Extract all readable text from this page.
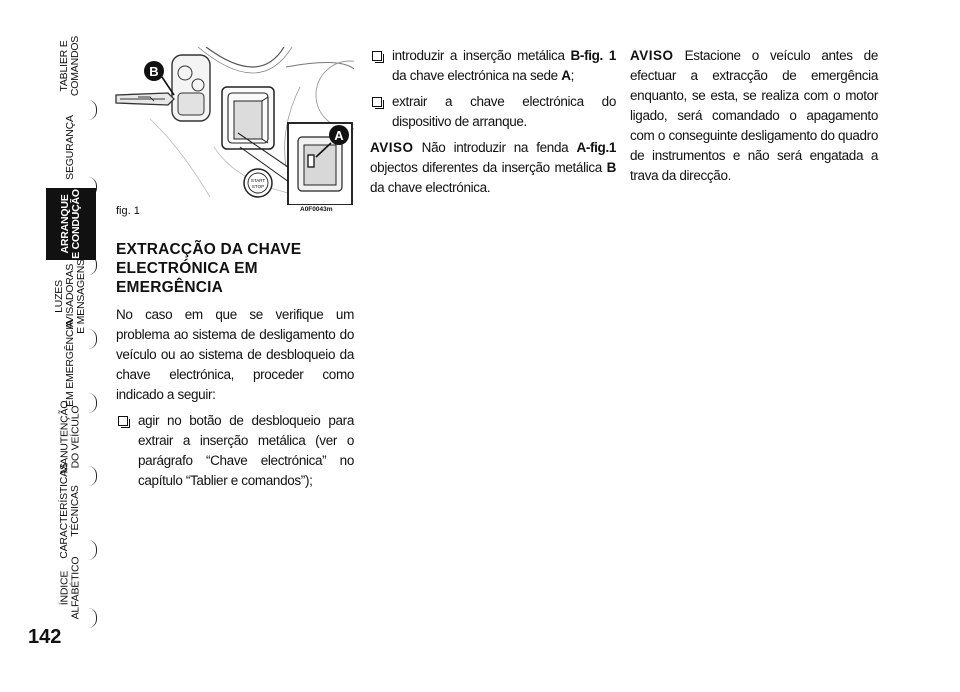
TABLIER E
COMANDOS
SEGURANÇA
ARRANQUE
E CONDUÇÃO
LUZES
AVISADORAS
E MENSAGENS
EM EMERGÊNCIA
MANUTENÇÃO
DO VEÍCULO
CARACTERÍSTICAS
TÉCNICAS
ÍNDICE
ALFABÉTICO
142
B
START
STOP
A
A0F0043m
fig. 1
EXTRACÇÃO DA CHAVE ELECTRÓNICA EM EMERGÊNCIA

No caso em que se verifique um problema ao sistema de desligamento do veículo ou ao sistema de desbloqueio da chave electrónica, proceder como indicado a seguir:

agir no botão de desbloqueio para extrair a inserção metálica (ver o parágrafo “Chave electrónica” no capítulo “Tablier e comandos”);
introduzir a inserção metálica B-fig. 1 da chave electrónica na sede A;
extrair a chave electrónica do dispositivo de arranque.

AVISO Não introduzir na fenda A-fig.1 objectos diferentes da inserção metálica B da chave electrónica.

AVISO Estacione o veículo antes de efectuar a extracção de emergência enquanto, se esta, se realiza com o motor ligado, será comandado o apagamento com o conseguinte desligamento do quadro de instrumentos e não será engatada a trava da direcção.
